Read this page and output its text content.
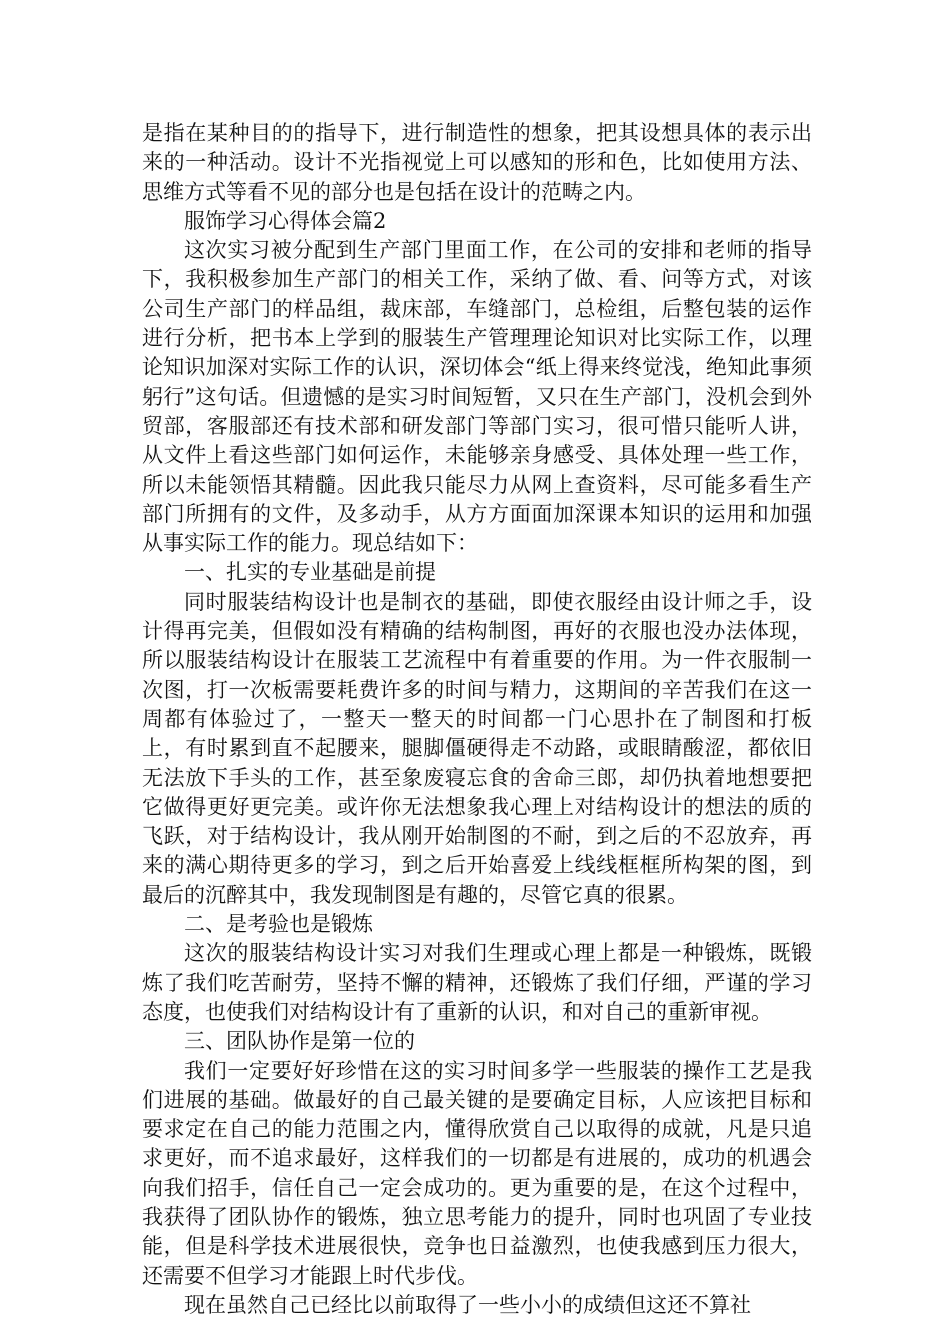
是指在某种目的的指导下，进行制造性的想象，把其设想具体的表示出来的一种活动。设计不光指视觉上可以感知的形和色，比如使用方法、思维方式等看不见的部分也是包括在设计的范畴之内。

服饰学习心得体会篇2

这次实习被分配到生产部门里面工作，在公司的安排和老师的指导下，我积极参加生产部门的相关工作，采纳了做、看、问等方式，对该公司生产部门的样品组，裁床部，车缝部门，总检组，后整包装的运作进行分析，把书本上学到的服装生产管理理论知识对比实际工作，以理论知识加深对实际工作的认识，深切体会“纸上得来终觉浅，绝知此事须躬行”这句话。但遗憾的是实习时间短暂，又只在生产部门，没机会到外贸部，客服部还有技术部和研发部门等部门实习，很可惜只能听人讲，从文件上看这些部门如何运作，未能够亲身感受、具体处理一些工作，所以未能领悟其精髓。因此我只能尽力从网上查资料，尽可能多看生产部门所拥有的文件，及多动手，从方方面面加深课本知识的运用和加强从事实际工作的能力。现总结如下：

一、扎实的专业基础是前提

同时服装结构设计也是制衣的基础，即使衣服经由设计师之手，设计得再完美，但假如没有精确的结构制图，再好的衣服也没办法体现，所以服装结构设计在服装工艺流程中有着重要的作用。为一件衣服制一次图，打一次板需要耗费许多的时间与精力，这期间的辛苦我们在这一周都有体验过了，一整天一整天的时间都一门心思扑在了制图和打板上，有时累到直不起腰来，腿脚僵硬得走不动路，或眼睛酸涩，都依旧无法放下手头的工作，甚至象废寝忘食的舍命三郎，却仍执着地想要把它做得更好更完美。或许你无法想象我心理上对结构设计的想法的质的飞跃，对于结构设计，我从刚开始制图的不耐，到之后的不忍放弃，再来的满心期待更多的学习，到之后开始喜爱上线线框框所构架的图，到最后的沉醉其中，我发现制图是有趣的，尽管它真的很累。

二、是考验也是锻炼

这次的服装结构设计实习对我们生理或心理上都是一种锻炼，既锻炼了我们吃苦耐劳，坚持不懈的精神，还锻炼了我们仔细，严谨的学习态度，也使我们对结构设计有了重新的认识，和对自己的重新审视。

三、团队协作是第一位的

我们一定要好好珍惜在这的实习时间多学一些服装的操作工艺是我们进展的基础。做最好的自己最关键的是要确定目标，人应该把目标和要求定在自己的能力范围之内，懂得欣赏自己以取得的成就，凡是只追求更好，而不追求最好，这样我们的一切都是有进展的，成功的机遇会向我们招手，信任自己一定会成功的。更为重要的是，在这个过程中，我获得了团队协作的锻炼，独立思考能力的提升，同时也巩固了专业技能，但是科学技术进展很快，竞争也日益激烈，也使我感到压力很大，还需要不但学习才能跟上时代步伐。

现在虽然自己已经比以前取得了一些小小的成绩但这还不算社
